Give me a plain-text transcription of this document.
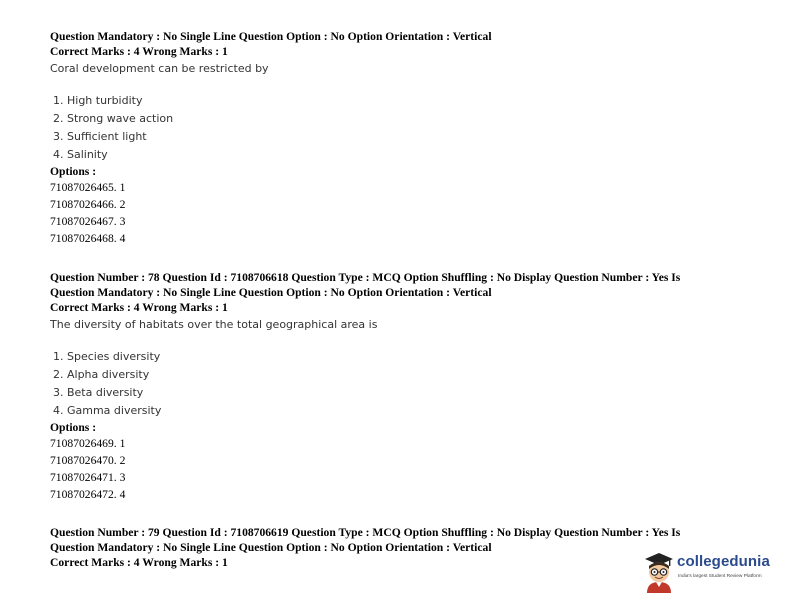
Question Mandatory : No Single Line Question Option : No Option Orientation : Vertical

Correct Marks : 4 Wrong Marks : 1

Coral development can be restricted by

1. High turbidity
2. Strong wave action
3. Sufficient light
4. Salinity

Options :

71087026465. 1
71087026466. 2
71087026467. 3
71087026468. 4

Question Number : 78 Question Id : 7108706618 Question Type : MCQ Option Shuffling : No Display Question Number : Yes Is

Question Mandatory : No Single Line Question Option : No Option Orientation : Vertical

Correct Marks : 4 Wrong Marks : 1

The diversity of habitats over the total geographical area is

1. Species diversity
2. Alpha diversity
3. Beta diversity
4. Gamma diversity

Options :

71087026469. 1
71087026470. 2
71087026471. 3
71087026472. 4

Question Number : 79 Question Id : 7108706619 Question Type : MCQ Option Shuffling : No Display Question Number : Yes Is

Question Mandatory : No Single Line Question Option : No Option Orientation : Vertical

Correct Marks : 4 Wrong Marks : 1	collegedunia
India's largest Student Review Platform
